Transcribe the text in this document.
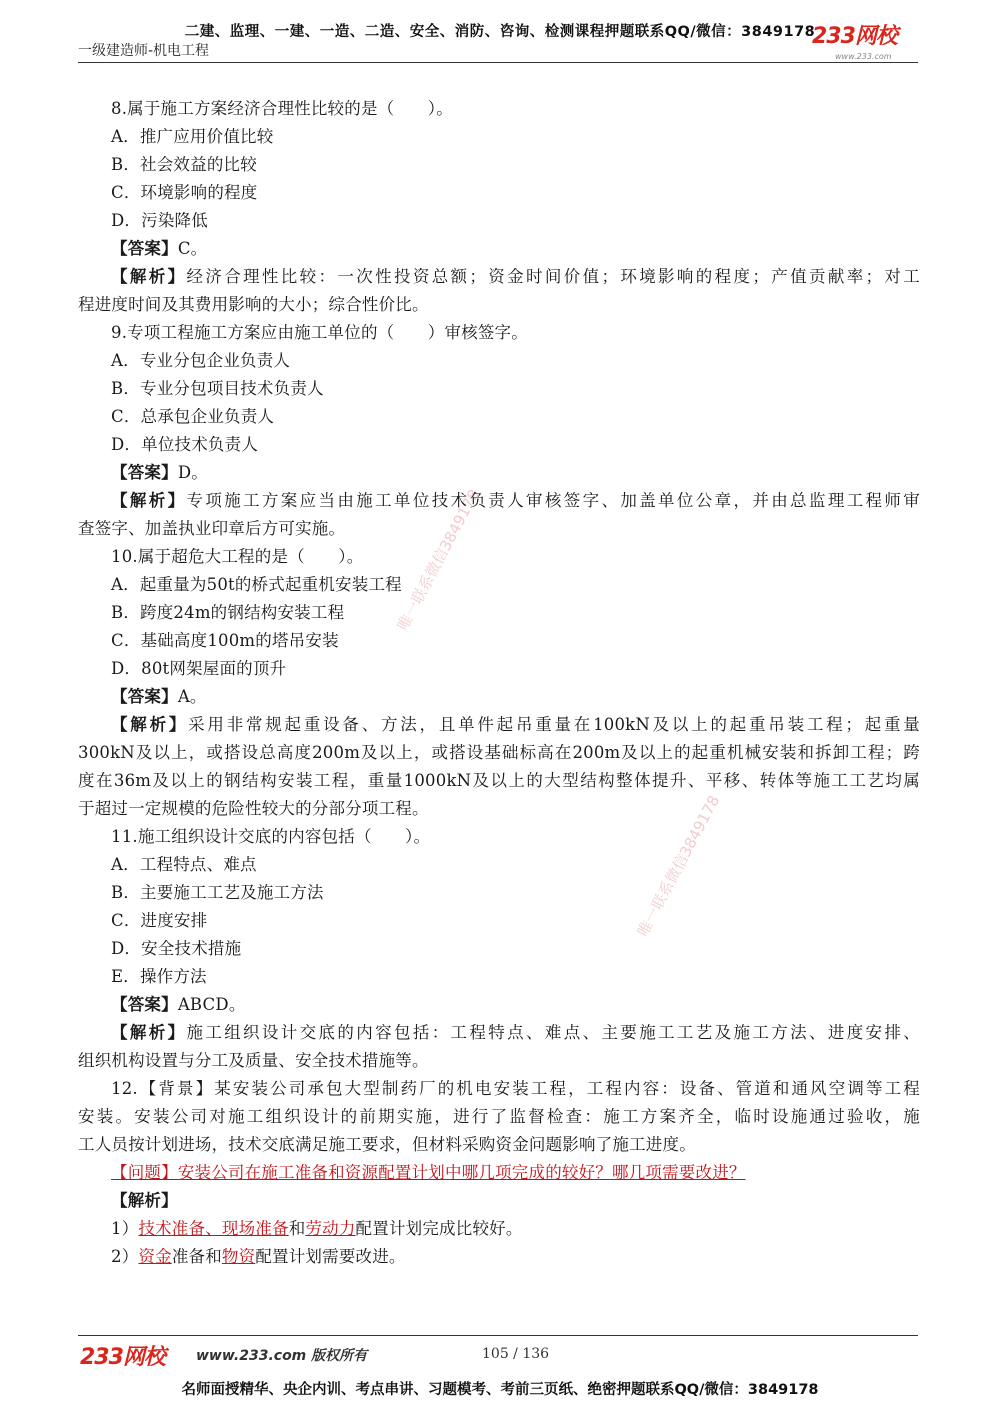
二建、监理、一建、一造、二造、安全、消防、咨询、检测课程押题联系QQ/微信：3849178
一级建造师-机电工程
233网校
www.233.com
唯一联系微信3849178
唯一联系微信3849178
8.属于施工方案经济合理性比较的是（　　）。
A．推广应用价值比较
B．社会效益的比较
C．环境影响的程度
D．污染降低
【答案】C。
【解析】经济合理性比较：一次性投资总额；资金时间价值；环境影响的程度；产值贡献率；对工
程进度时间及其费用影响的大小；综合性价比。
9.专项工程施工方案应由施工单位的（　　）审核签字。
A．专业分包企业负责人
B．专业分包项目技术负责人
C．总承包企业负责人
D．单位技术负责人
【答案】D。
【解析】专项施工方案应当由施工单位技术负责人审核签字、加盖单位公章，并由总监理工程师审
查签字、加盖执业印章后方可实施。
10.属于超危大工程的是（　　）。
A．起重量为50t的桥式起重机安装工程
B．跨度24m的钢结构安装工程
C．基础高度100m的塔吊安装
D．80t网架屋面的顶升
【答案】A。
【解析】采用非常规起重设备、方法，且单件起吊重量在100kN及以上的起重吊装工程；起重量
300kN及以上，或搭设总高度200m及以上，或搭设基础标高在200m及以上的起重机械安装和拆卸工程；跨
度在36m及以上的钢结构安装工程，重量1000kN及以上的大型结构整体提升、平移、转体等施工工艺均属
于超过一定规模的危险性较大的分部分项工程。
11.施工组织设计交底的内容包括（　　）。
A．工程特点、难点
B．主要施工工艺及施工方法
C．进度安排
D．安全技术措施
E．操作方法
【答案】ABCD。
【解析】施工组织设计交底的内容包括：工程特点、难点、主要施工工艺及施工方法、进度安排、
组织机构设置与分工及质量、安全技术措施等。
12.【背景】某安装公司承包大型制药厂的机电安装工程，工程内容：设备、管道和通风空调等工程
安装。安装公司对施工组织设计的前期实施，进行了监督检查：施工方案齐全，临时设施通过验收，施
工人员按计划进场，技术交底满足施工要求，但材料采购资金问题影响了施工进度。
【问题】安装公司在施工准备和资源配置计划中哪几项完成的较好？哪几项需要改进？
【解析】
1）技术准备、现场准备和劳动力配置计划完成比较好。
2）资金准备和物资配置计划需要改进。
233网校 www.233.com 版权所有	105 / 136
名师面授精华、央企内训、考点串讲、习题模考、考前三页纸、绝密押题联系QQ/微信：3849178
